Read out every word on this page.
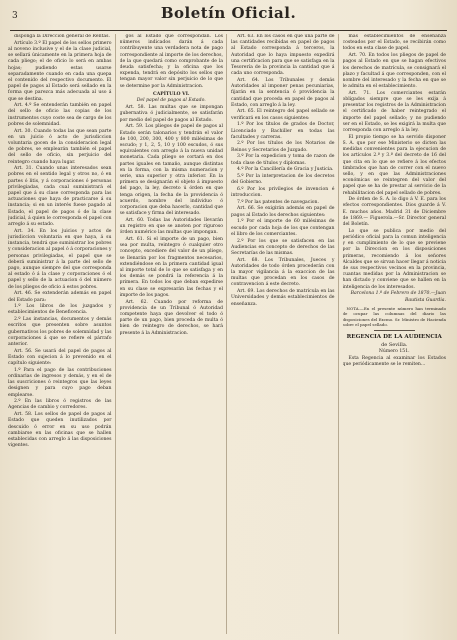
3	Boletín Oficial.

disponga la Direccion general de Rentas.

Artículo 3.º El papel de los sellos primero al noveno inclusive y el de la clase judicial, se sellará únicamente en la primera hoja de cada pliego; el de oficio lo será en ambas hojas; pudiendo estas usarse separadamente cuando en cada una quepa el contenido del respectivo documento. El papel de pagos al Estado será sellado en la forma que parezca más adecuada al uso á que se destina.

Art. 4.º Se entenderán también en papel del sello de oficio las copias de los instrumentos cuyo coste sea de cargo de los pobres de solemnidad.

Art. 30. Cuando todas las que sean parte en un juicio ó acto de jurisdiccion voluntaria gocen de la consideracion legal de pobres, se emplearán también el papel del sello de oficio, sin perjuicio del reintegro cuando haya lugar.

Art. 31. Cuando unas interesados sean pobres en el sentido legal y otros no, ó en partes ó litis, y á corporaciones ó personas privilegiadas, cada cual suministrará el papel que á su clase corresponda para las actuaciones que haya de practicarse á su instancia; si en un interés fuese pagado al Estado, el papel de pagos ó de la clase judicial, á quien le corresponda el papel con arreglo á su estado.

Art. 34. En los juicios y actos de jurisdiccion voluntaria en que haya, á su instancia, tendrá que suministrar los pobres y consideracion al papel ó á corporaciones y personas privilegiadas, el papel que se deberá suministrar á la parte del sello de pago, aunque siempre del que corresponda al estado ó á la clase y corporaciones ó el papel y sello de la actuacion ó del número de los pliegos de oficio á estos pobres.

Art. 46. Se extenderán además en papel del Estado para:

1.º Los libros de los juzgados y establecimientos de Beneficencia.

2.º Las instancias, documentos y demás escritos que presenten sobre asuntos gubernativos los pobres de solemnidad y las corporaciones á que se refiere el párrafo anterior.

Art. 56. Se usará del papel de pagos al Estado con sujecion á lo prevenido en el capítulo siguiente:

1.º Para el pago de las contribuciones ordinarias de ingresos y demás, y en el de las suscriciones ó reintegros que las leyes designen y para cuyo pago deban emplearse.

2.º En las libros ó registros de las Agencias de cambio y corredores.

Art. 58. Los sellos de papel de pagos al Estado que queden inutilizados por descuido ó error en su uso podrán cambiarse en las oficinas que se hallen establecidas con arreglo á las disposiciones vigentes.

gos al Estado que correspondan. Los números indicados darán á cada contribuyente una verdadera nota de pago correspondiente al importe de los derechos, de la que quedará como comprobante de la deuda satisfecha; y la oficina que los expenda, tendrá en depósito los sellos que tengan mayor valor sin perjuicio de lo que se determine por la Administracion.

CAPÍTULO VI.

Del papel de pagos al Estado.

Art. 58. Las multas que se impongan gubernativa ó judicialmente, se satisfarán por medio del papel de pagos al Estado.

Art. 59. Los pliegos de papel de pagos al Estado serán talonarios y tendrán el valor de 100, 200, 300, 400 y 800 milésimas de escudo; y 1, 2, 5, 10 y 100 escudos, ó sus equivalentes con arreglo á la nueva unidad monetaria. Cada pliego se cortará en dos partes iguales en tamaño, aunque distintas en la forma, con la misma numeracion y serie, una superior y otra inferior. En la primera se designarán el objeto á impuesto del pago, la ley, decreto ú órden en que tenga origen, la fecha de la providencia ó acuerdo, nombre del individuo ó corporacion que deba hacerlo, cantidad que se satisface y firma del interesado.

Art. 60. Todas las Autoridades llevarán un registro en que se anoten por riguroso órden numérico las multas que impongan.

Art. 61. Si el importe de un pago, bien sea por multa, reintegro ó cualquier otro concepto, excediere del valor de un pliego, se llenarán por los fragmentos necesarios, extendiéndose en la primera cantidad igual al importe total de lo que se satisfaga y en los demás se pondrá la referencia á la primera. En todos los que deban expedirse en su clase se expresarán las fechas y el importe de los pagos.

Art. 62. Cuando por reforma de providencia de un Tribunal ó Autoridad competente haya que devolver el todo ó parte de un pago, bien proceda de multa ó bien de reintegro de derechos, se hará presente á la Administracion.

Art. 63. En los casos en que una parte de las cantidades recibidas en papel de pagos al Estado corresponda á terceros, la Autoridad que lo haya impuesto expedirá una certificacion para que se satisfaga en la Tesorería de la provincia la cantidad que á cada uno corresponda.

Art. 64. Los Tribunales y demás Autoridades al imponer penas pecuniarias, fijarán en la sentencia ó providencia la cantidad que proceda en papel de pagos al Estado, con arreglo á la ley.

Art. 65. El reintegro del papel sellado se verificará en los casos siguientes:

1.º Por los títulos de grados de Doctor, Licenciado y Bachiller en todas las facultades y carreras.

2.º Por los títulos de los Notarios de Reinos y Secretarios de Juzgado.

3.º Por la expedicion y toma de razon de toda clase de títulos y diplomas.

4.º Por la Cancillería de Gracia y Justicia.

5.º Por la interpretacion de los decretos del Gobierno.

6.º Por los privilegios de invencion é introduccion.

7.º Por las patentes de navegacion.

Art. 66. Se exigirán además en papel de pagos al Estado los derechos siguientes:

1.º Por el importe de 60 milésimas de escudo por cada hoja de los que contengan el libro de los comerciantes.

2.º Por los que se satisfacen en las Audiencias en concepto de derechos de las Secretarías de las mismas.

Art. 68. Los Tribunales, Jueces y Autoridades de todo órden procederán con la mayor vigilancia á la exaccion de las multas que procedan en los casos de contravencion á este decreto.

Art. 69. Los derechos de matrícula en las Universidades y demás establecimientos de enseñanza.

más establecimientos de enseñanza costeados por el Estado, se recibirán como todos en esta clase de papel.

Art. 70. En todos los pliegos de papel de pagos al Estado en que se hagan efectivos los derechos de matrícula, se consignará el plazo y facultad á que corresponden, con el nombre del interesado y la fecha en que se le admita en el establecimiento.

Art. 71. Los comerciantes estarán obligados siempre que se les exija á presentar los registros de la Administracion el certificado de haber reintegrado el importe del papel sellado; y no pudiendo ser en el Estado, se les exigirá la multa que corresponda con arreglo á la ley.

El propio tiempo se ha servido disponer S. A. que por ese Ministerio se dicten las medidas convenientes para la ejecucion de los artículos 2.º y 3.º del decreto de 16 del que cita en lo que se refiere á los efectos timbrados que han de correr con el nuevo sello, y en que las Administraciones económicas se reintegren del valor del papel que se ha de prestar al servicio de la rehabilitacion del papel sellado de pobres.

De órden de S. A. lo digo á V. E. para los efectos correspondientes. Dios guarde á V. E. muchos años. Madrid 31 de Diciembre de 1869.— Figuerola.—Sr. Director general del Boletín.

Lo que se publica por medio del periódico oficial para la comun inteligencia y en cumplimiento de lo que se previene por la Direccion en los disposiciones primeras, recomiendo á los señores Alcaldes que se sirvan hacer llegar á noticia de sus respectivos vecinos en la provincia, cuantas medidas por la Administracion se han dictado y conviene que se hallen en la inteligencia de los interesados.

Barcelona 1.º de Febrero de 1870.—Juan Bautista Guardia.

NOTA.—En el presente número han terminado de ocupar las columnas del diario las disposiciones del Excmo. Sr. Ministro de Hacienda sobre el papel sellado.

REGENCIA DE LA AUDIENCIA

de Sevilla.

Número 151.

Esta Regencia al examinar los Estados que periódicamente se le remiten...
